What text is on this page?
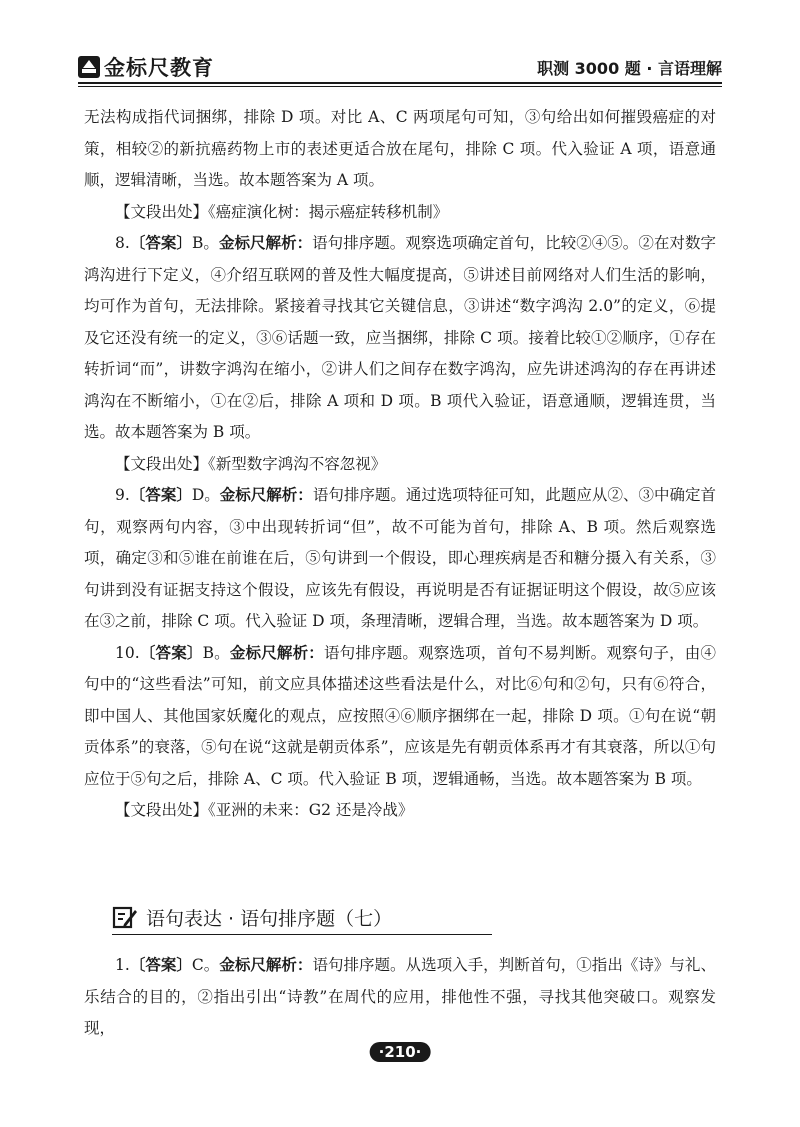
金标尺教育	职测 3000 题 · 言语理解

无法构成指代词捆绑，排除 D 项。对比 A、C 两项尾句可知，③句给出如何摧毁癌症的对策，相较②的新抗癌药物上市的表述更适合放在尾句，排除 C 项。代入验证 A 项，语意通顺，逻辑清晰，当选。故本题答案为 A 项。

【文段出处】《癌症演化树：揭示癌症转移机制》

8.〔答案〕B。金标尺解析：语句排序题。观察选项确定首句，比较②④⑤。②在对数字鸿沟进行下定义，④介绍互联网的普及性大幅度提高，⑤讲述目前网络对人们生活的影响，均可作为首句，无法排除。紧接着寻找其它关键信息，③讲述“数字鸿沟 2.0”的定义，⑥提及它还没有统一的定义，③⑥话题一致，应当捆绑，排除 C 项。接着比较①②顺序，①存在转折词“而”，讲数字鸿沟在缩小，②讲人们之间存在数字鸿沟，应先讲述鸿沟的存在再讲述鸿沟在不断缩小，①在②后，排除 A 项和 D 项。B 项代入验证，语意通顺，逻辑连贯，当选。故本题答案为 B 项。

【文段出处】《新型数字鸿沟不容忽视》

9.〔答案〕D。金标尺解析：语句排序题。通过选项特征可知，此题应从②、③中确定首句，观察两句内容，③中出现转折词“但”，故不可能为首句，排除 A、B 项。然后观察选项，确定③和⑤谁在前谁在后，⑤句讲到一个假设，即心理疾病是否和糖分摄入有关系，③句讲到没有证据支持这个假设，应该先有假设，再说明是否有证据证明这个假设，故⑤应该在③之前，排除 C 项。代入验证 D 项，条理清晰，逻辑合理，当选。故本题答案为 D 项。

10.〔答案〕B。金标尺解析：语句排序题。观察选项，首句不易判断。观察句子，由④句中的“这些看法”可知，前文应具体描述这些看法是什么，对比⑥句和②句，只有⑥符合，即中国人、其他国家妖魔化的观点，应按照④⑥顺序捆绑在一起，排除 D 项。①句在说“朝贡体系”的衰落，⑤句在说“这就是朝贡体系”，应该是先有朝贡体系再才有其衰落，所以①句应位于⑤句之后，排除 A、C 项。代入验证 B 项，逻辑通畅，当选。故本题答案为 B 项。

【文段出处】《亚洲的未来：G2 还是冷战》

语句表达 · 语句排序题（七）

1.〔答案〕C。金标尺解析：语句排序题。从选项入手，判断首句，①指出《诗》与礼、乐结合的目的，②指出引出“诗教”在周代的应用，排他性不强，寻找其他突破口。观察发现，

·210·
